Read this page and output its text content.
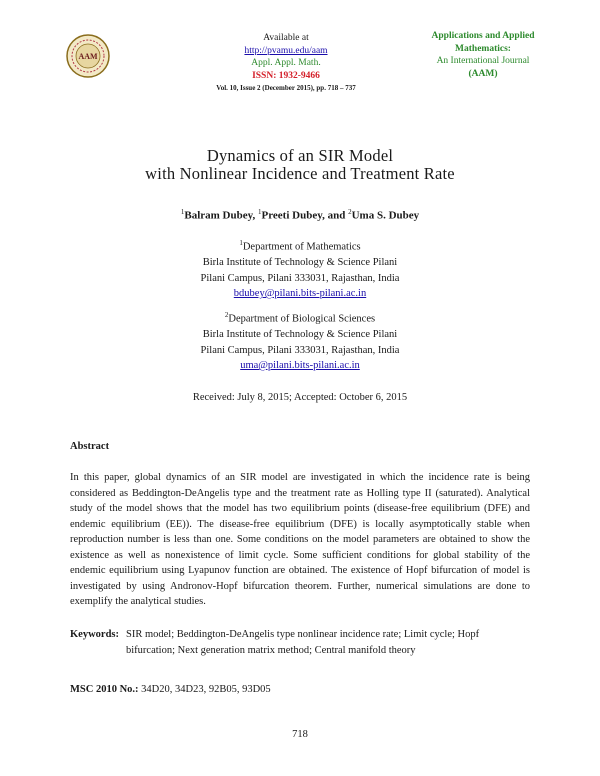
AAM
Available at
http://pvamu.edu/aam
Appl. Appl. Math.
ISSN: 1932-9466
Vol. 10, Issue 2 (December 2015), pp. 718 – 737
Applications and Applied
Mathematics:
An International Journal
(AAM)
Dynamics of an SIR Model
with Nonlinear Incidence and Treatment Rate
$^1$Balram Dubey, $^1$Preeti Dubey, and $^2$Uma S. Dubey
$^1$Department of Mathematics
Birla Institute of Technology & Science Pilani
Pilani Campus, Pilani 333031, Rajasthan, India
bdubey@pilani.bits-pilani.ac.in
$^2$Department of Biological Sciences
Birla Institute of Technology & Science Pilani
Pilani Campus, Pilani 333031, Rajasthan, India
uma@pilani.bits-pilani.ac.in
Received: July 8, 2015; Accepted: October 6, 2015
Abstract
In this paper, global dynamics of an SIR model are investigated in which the incidence rate is being considered as Beddington-DeAngelis type and the treatment rate as Holling type II (saturated). Analytical study of the model shows that the model has two equilibrium points (disease-free equilibrium (DFE) and endemic equilibrium (EE)). The disease-free equilibrium (DFE) is locally asymptotically stable when reproduction number is less than one. Some conditions on the model parameters are obtained to show the existence as well as nonexistence of limit cycle. Some sufficient conditions for global stability of the endemic equilibrium using Lyapunov function are obtained. The existence of Hopf bifurcation of model is investigated by using Andronov-Hopf bifurcation theorem. Further, numerical simulations are done to exemplify the analytical studies.
Keywords: SIR model; Beddington-DeAngelis type nonlinear incidence rate; Limit cycle; Hopf bifurcation; Next generation matrix method; Central manifold theory
MSC 2010 No.: 34D20, 34D23, 92B05, 93D05
718
